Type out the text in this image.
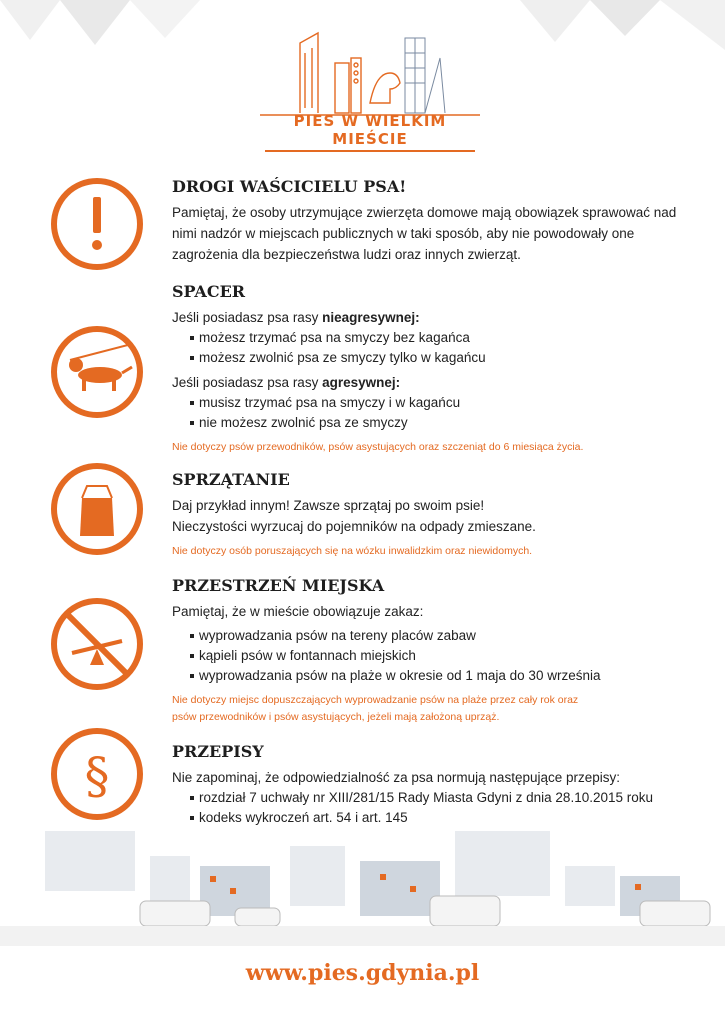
PIES W WIELKIM MIEŚCIE
DROGI WAŚCICIELU PSA!

Pamiętaj, że osoby utrzymujące zwierzęta domowe mają obowiązek sprawować nad nimi nadzór w miejscach publicznych w taki sposób, aby nie powodowały one zagrożenia dla bezpieczeństwa ludzi oraz innych zwierząt.

SPACER

Jeśli posiadasz psa rasy nieagresywnej:

możesz trzymać psa na smyczy bez kagańca
możesz zwolnić psa ze smyczy tylko w kagańcu

Jeśli posiadasz psa rasy agresywnej:

musisz trzymać psa na smyczy i w kagańcu
nie możesz zwolnić psa ze smyczy
Nie dotyczy psów przewodników, psów asystujących oraz szczeniąt do 6 miesiąca życia.
SPRZĄTANIE

Daj przykład innym! Zawsze sprzątaj po swoim psie!

Nieczystości wyrzucaj do pojemników na odpady zmieszane.

Nie dotyczy osób poruszających się na wózku inwalidzkim oraz niewidomych.
PRZESTRZEŃ MIEJSKA

Pamiętaj, że w mieście obowiązuje zakaz:

wyprowadzania psów na tereny placów zabaw
kąpieli psów w fontannach miejskich
wyprowadzania psów na plaże w okresie od 1 maja do 30 września
Nie dotyczy miejsc dopuszczających wyprowadzanie psów na plaże przez cały rok oraz
psów przewodników i psów asystujących, jeżeli mają założoną uprząż.
§	PRZEPISY

Nie zapominaj, że odpowiedzialność za psa normują następujące przepisy:

rozdział 7 uchwały nr XIII/281/15 Rady Miasta Gdyni z dnia 28.10.2015 roku
kodeks wykroczeń art. 54 i art. 145
www.pies.gdynia.pl
